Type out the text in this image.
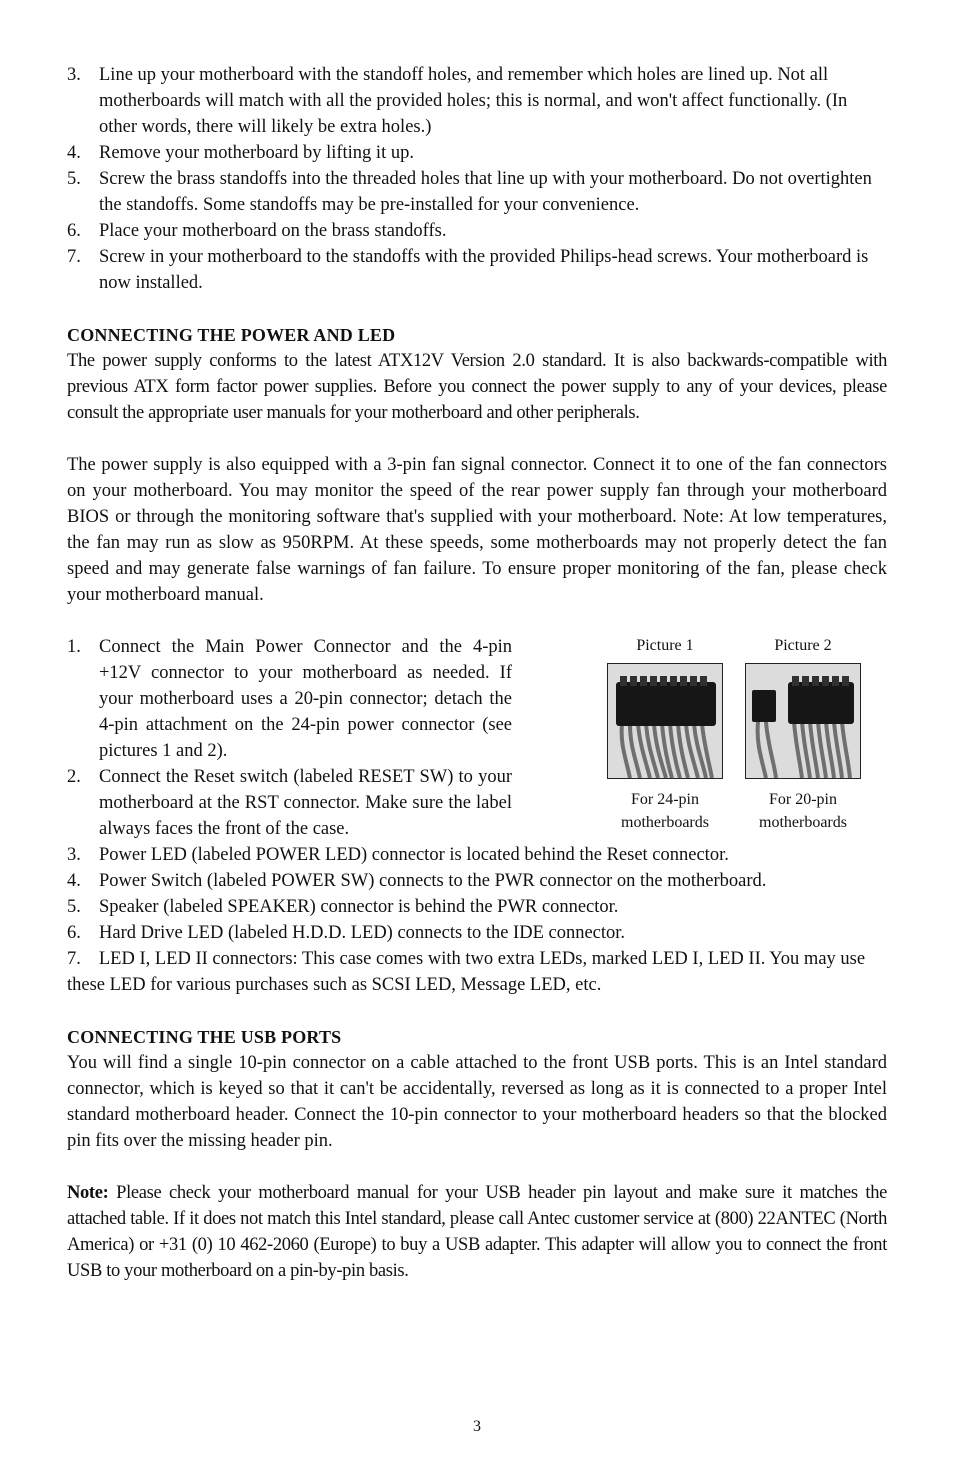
3. Line up your motherboard with the standoff holes, and remember which holes are lined up. Not all motherboards will match with all the provided holes; this is normal, and won't affect functionally. (In other words, there will likely be extra holes.)
4. Remove your motherboard by lifting it up.
5. Screw the brass standoffs into the threaded holes that line up with your motherboard. Do not overtighten the standoffs. Some standoffs may be pre-installed for your convenience.
6. Place your motherboard on the brass standoffs.
7. Screw in your motherboard to the standoffs with the provided Philips-head screws. Your motherboard is now installed.
CONNECTING THE POWER AND LED

The power supply conforms to the latest ATX12V Version 2.0 standard. It is also backwards-compatible with previous ATX form factor power supplies. Before you connect the power supply to any of your devices, please consult the appropriate user manuals for your motherboard and other peripherals.

The power supply is also equipped with a 3-pin fan signal connector. Connect it to one of the fan connectors on your motherboard. You may monitor the speed of the rear power supply fan through your motherboard BIOS or through the monitoring software that's supplied with your motherboard. Note: At low temperatures, the fan may run as slow as 950RPM. At these speeds, some motherboards may not properly detect the fan speed and may generate false warnings of fan failure. To ensure proper monitoring of the fan, please check your motherboard manual.

1. Connect the Main Power Connector and the 4-pin +12V connector to your motherboard as needed. If your motherboard uses a 20-pin connector; detach the 4-pin attachment on the 24-pin power connector (see pictures 1 and 2).
2. Connect the Reset switch (labeled RESET SW) to your motherboard at the RST connector. Make sure the label always faces the front of the case.
Picture 1
For 24-pin
motherboards
Picture 2
For 20-pin
motherboards
3. Power LED (labeled POWER LED) connector is located behind the Reset connector.
4. Power Switch (labeled POWER SW) connects to the PWR connector on the motherboard.
5. Speaker (labeled SPEAKER) connector is behind the PWR connector.
6. Hard Drive LED (labeled H.D.D. LED) connects to the IDE connector.

7. LED I, LED II connectors: This case comes with two extra LEDs, marked LED I, LED II. You may use these LED for various purchases such as SCSI LED, Message LED, etc.

CONNECTING THE USB PORTS

You will find a single 10-pin connector on a cable attached to the front USB ports. This is an Intel standard connector, which is keyed so that it can't be accidentally, reversed as long as it is connected to a proper Intel standard motherboard header. Connect the 10-pin connector to your motherboard headers so that the blocked pin fits over the missing header pin.

Note: Please check your motherboard manual for your USB header pin layout and make sure it matches the attached table. If it does not match this Intel standard, please call Antec customer service at (800) 22ANTEC (North America) or +31 (0) 10 462-2060 (Europe) to buy a USB adapter. This adapter will allow you to connect the front USB to your motherboard on a pin-by-pin basis.

3
